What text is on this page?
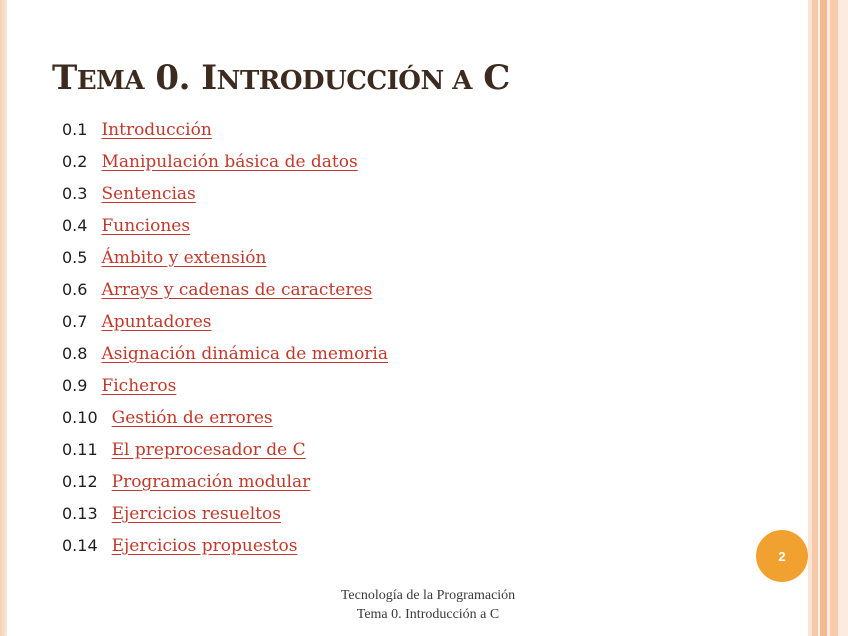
TEMA 0. INTRODUCCIÓN A C
0.1 Introducción
0.2 Manipulación básica de datos
0.3 Sentencias
0.4 Funciones
0.5 Ámbito y extensión
0.6 Arrays y cadenas de caracteres
0.7 Apuntadores
0.8 Asignación dinámica de memoria
0.9 Ficheros
0.10 Gestión de errores
0.11 El preprocesador de C
0.12 Programación modular
0.13 Ejercicios resueltos
0.14 Ejercicios propuestos	2
Tecnología de la Programación
Tema 0. Introducción a C
